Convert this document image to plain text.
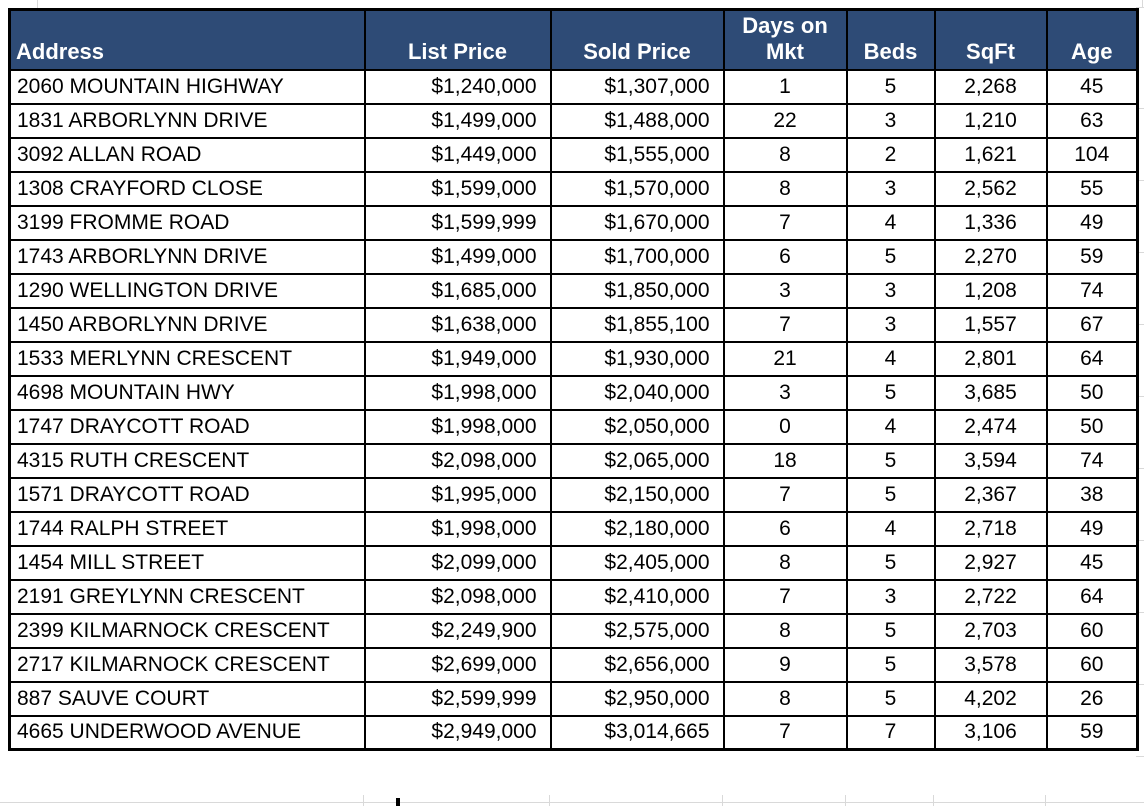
Address	List Price	Sold Price	Days on Mkt	Beds	SqFt	Age
2060 MOUNTAIN HIGHWAY	$1,240,000	$1,307,000	1	5	2,268	45
1831 ARBORLYNN DRIVE	$1,499,000	$1,488,000	22	3	1,210	63
3092 ALLAN ROAD	$1,449,000	$1,555,000	8	2	1,621	104
1308 CRAYFORD CLOSE	$1,599,000	$1,570,000	8	3	2,562	55
3199 FROMME ROAD	$1,599,999	$1,670,000	7	4	1,336	49
1743 ARBORLYNN DRIVE	$1,499,000	$1,700,000	6	5	2,270	59
1290 WELLINGTON DRIVE	$1,685,000	$1,850,000	3	3	1,208	74
1450 ARBORLYNN DRIVE	$1,638,000	$1,855,100	7	3	1,557	67
1533 MERLYNN CRESCENT	$1,949,000	$1,930,000	21	4	2,801	64
4698 MOUNTAIN HWY	$1,998,000	$2,040,000	3	5	3,685	50
1747 DRAYCOTT ROAD	$1,998,000	$2,050,000	0	4	2,474	50
4315 RUTH CRESCENT	$2,098,000	$2,065,000	18	5	3,594	74
1571 DRAYCOTT ROAD	$1,995,000	$2,150,000	7	5	2,367	38
1744 RALPH STREET	$1,998,000	$2,180,000	6	4	2,718	49
1454 MILL STREET	$2,099,000	$2,405,000	8	5	2,927	45
2191 GREYLYNN CRESCENT	$2,098,000	$2,410,000	7	3	2,722	64
2399 KILMARNOCK CRESCENT	$2,249,900	$2,575,000	8	5	2,703	60
2717 KILMARNOCK CRESCENT	$2,699,000	$2,656,000	9	5	3,578	60
887 SAUVE COURT	$2,599,999	$2,950,000	8	5	4,202	26
4665 UNDERWOOD AVENUE	$2,949,000	$3,014,665	7	7	3,106	59
